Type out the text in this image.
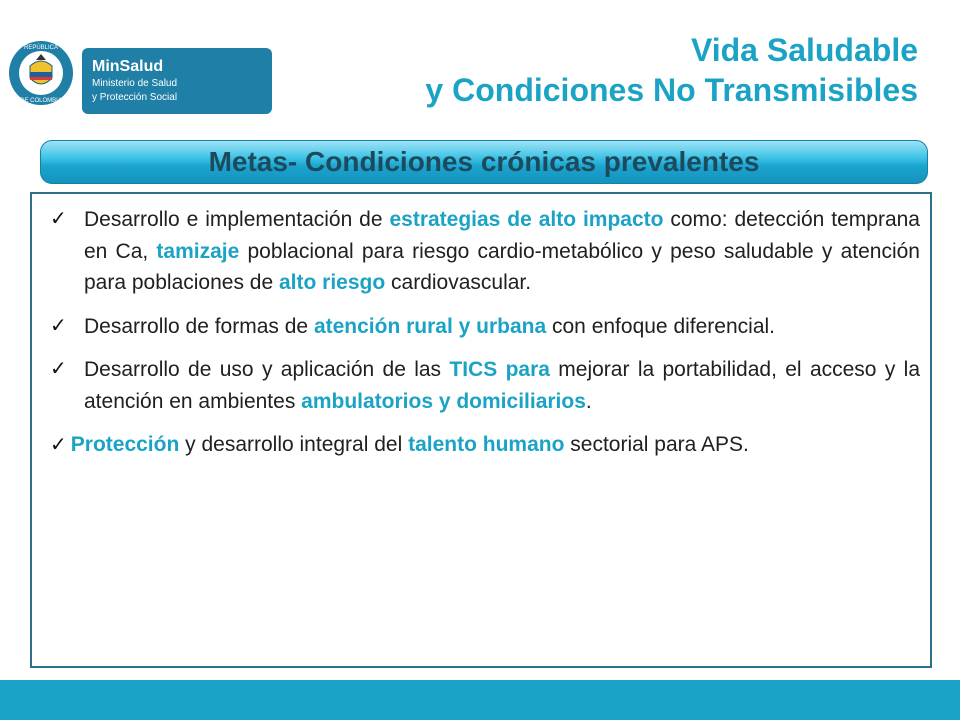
REPÚBLICA
DE COLOMBIA
MinSalud
Ministerio de Salud
y Protección Social
Vida Saludable
y Condiciones No Transmisibles
Metas- Condiciones crónicas prevalentes
✓ Desarrollo e implementación de estrategias de alto impacto como: detección temprana en Ca, tamizaje poblacional para riesgo cardio-metabólico y peso saludable y atención para poblaciones de alto riesgo cardiovascular.
✓ Desarrollo de formas de atención rural y urbana con enfoque diferencial.
✓ Desarrollo de uso y aplicación de las TICS para mejorar la portabilidad, el acceso y la atención en ambientes ambulatorios y domiciliarios.
✓ Protección y desarrollo integral del talento humano sectorial para APS.
